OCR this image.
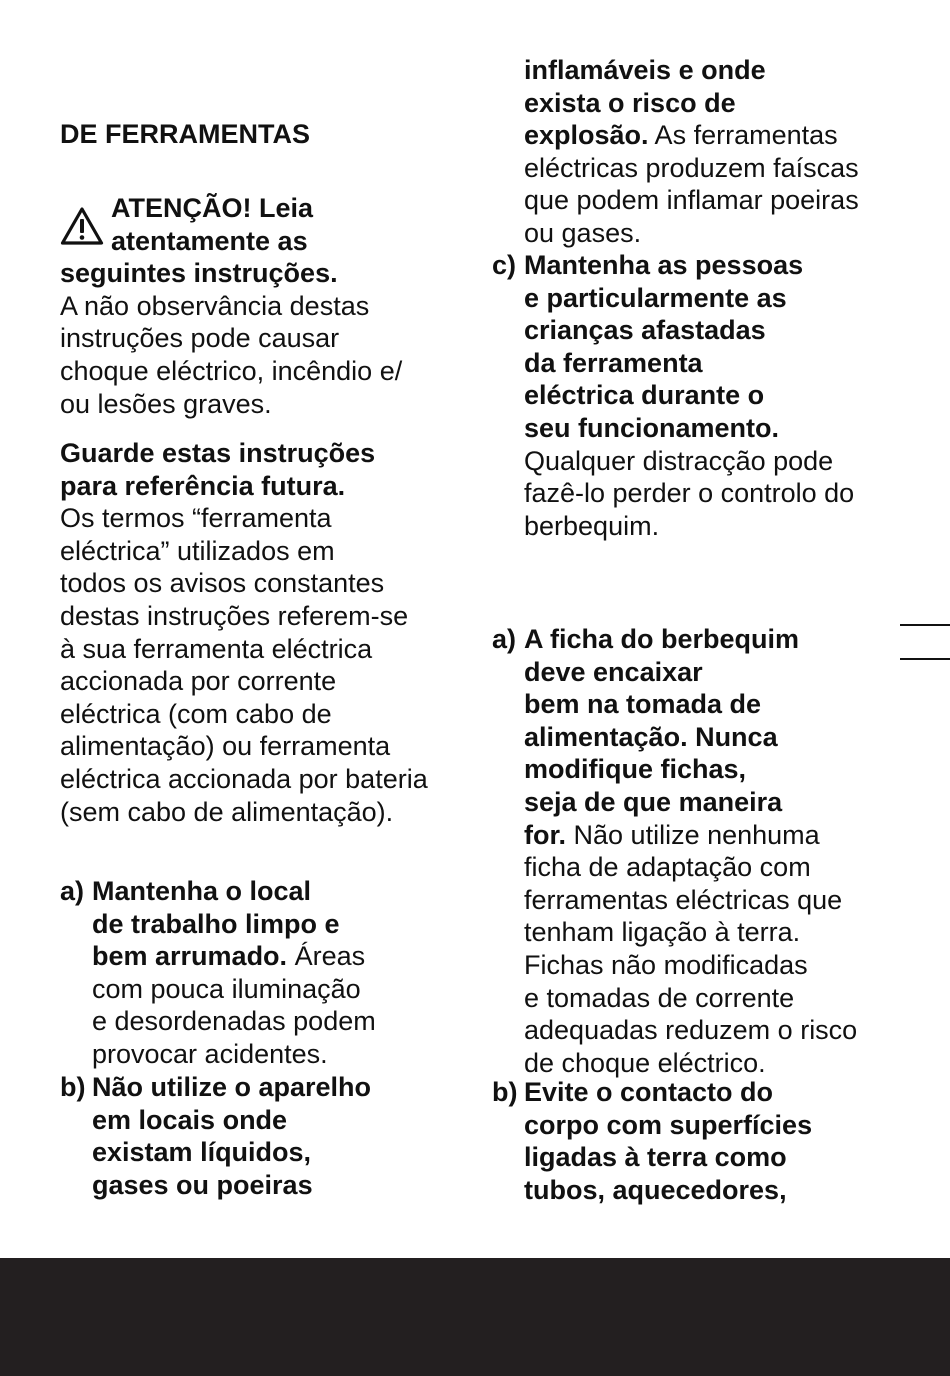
DE FERRAMENTAS
ATENÇÃO! Leia
atentamente as
seguintes instruções.
A não observância destas
instruções pode causar
choque eléctrico, incêndio e/
ou lesões graves.
Guarde estas instruções
para referência futura.
Os termos “ferramenta
eléctrica” utilizados em
todos os avisos constantes
destas instruções referem-se
à sua ferramenta eléctrica
accionada por corrente
eléctrica (com cabo de
alimentação) ou ferramenta
eléctrica accionada por bateria
(sem cabo de alimentação).
a) Mantenha o local
de trabalho limpo e
bem arrumado. Áreas
com pouca iluminação
e desordenadas podem
provocar acidentes.
b) Não utilize o aparelho
em locais onde
existam líquidos,
gases ou poeiras
inflamáveis e onde
exista o risco de
explosão. As ferramentas
eléctricas produzem faíscas
que podem inflamar poeiras
ou gases.
c) Mantenha as pessoas
e particularmente as
crianças afastadas
da ferramenta
eléctrica durante o
seu funcionamento.
Qualquer distracção pode
fazê-lo perder o controlo do
berbequim.
a) A ficha do berbequim
deve encaixar
bem na tomada de
alimentação. Nunca
modifique fichas,
seja de que maneira
for. Não utilize nenhuma
ficha de adaptação com
ferramentas eléctricas que
tenham ligação à terra.
Fichas não modificadas
e tomadas de corrente
adequadas reduzem o risco
de choque eléctrico.
b) Evite o contacto do
corpo com superfícies
ligadas à terra como
tubos, aquecedores,
